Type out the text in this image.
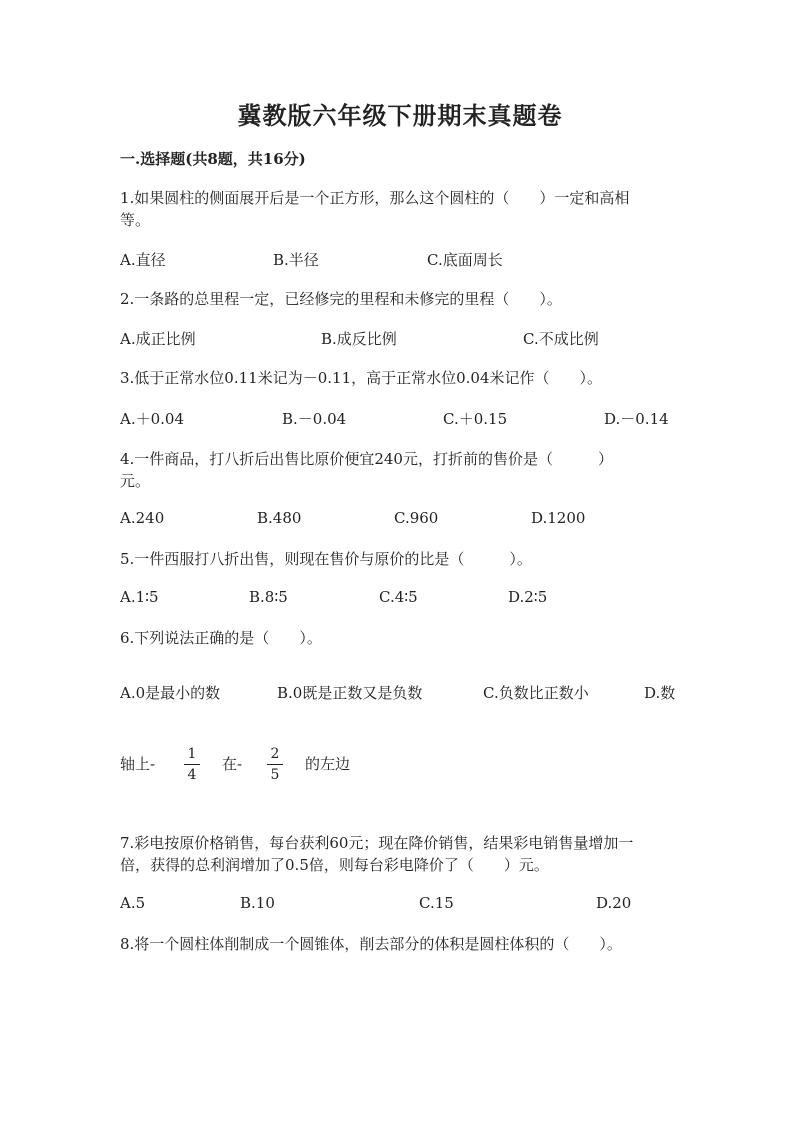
冀教版六年级下册期末真题卷
一.选择题(共8题，共16分)
1.如果圆柱的侧面展开后是一个正方形，那么这个圆柱的（　　）一定和高相
等。
A.直径	B.半径	C.底面周长
2.一条路的总里程一定，已经修完的里程和未修完的里程（　　）。
A.成正比例	B.成反比例	C.不成比例
3.低于正常水位0.11米记为－0.11，高于正常水位0.04米记作（　　）。
A.＋0.04	B.－0.04	C.＋0.15	D.－0.14
4.一件商品，打八折后出售比原价便宜240元，打折前的售价是（　　　）
元。
A.240	B.480	C.960	D.1200
5.一件西服打八折出售，则现在售价与原价的比是（　　　）。
A.1∶5	B.8∶5	C.4∶5	D.2∶5
6.下列说法正确的是（　　）。
A.0是最小的数	B.0既是正数又是负数	C.负数比正数小	D.数
轴上-
1
4
在-
2
5
的左边
7.彩电按原价格销售，每台获利60元；现在降价销售，结果彩电销售量增加一
倍，获得的总利润增加了0.5倍，则每台彩电降价了（　　）元。
A.5	B.10	C.15	D.20
8.将一个圆柱体削制成一个圆锥体，削去部分的体积是圆柱体积的（　　）。
